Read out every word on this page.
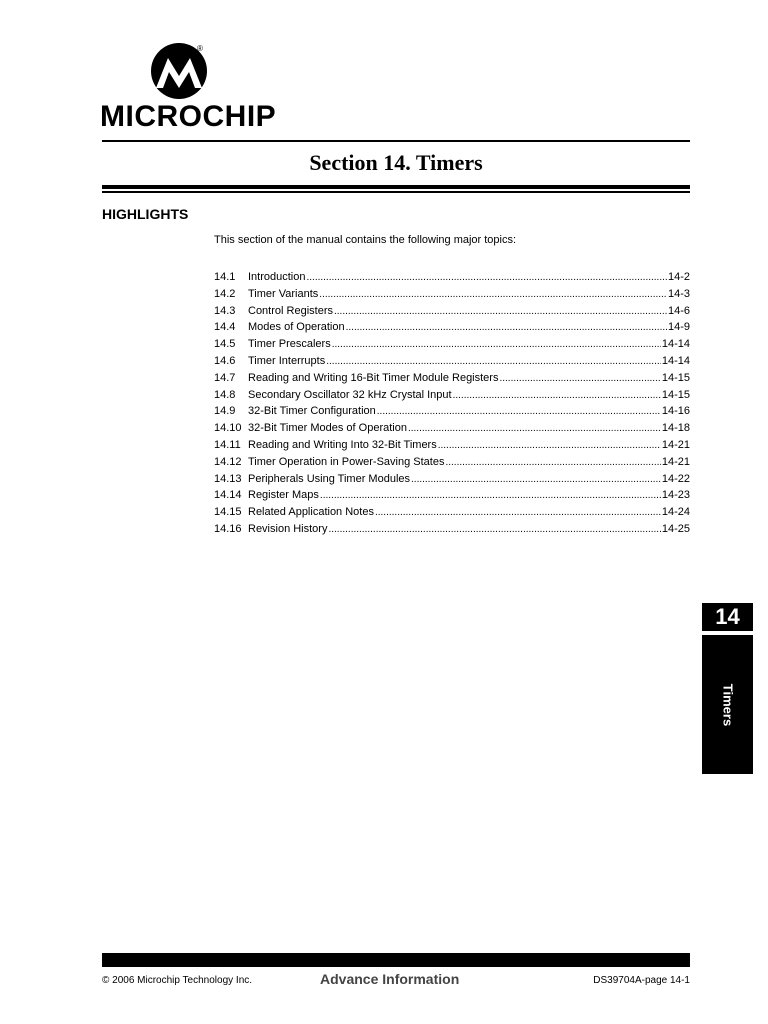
®
MICROCHIP
Section 14. Timers
HIGHLIGHTS
This section of the manual contains the following major topics:
14.1	Introduction .....	14-2
14.2	Timer Variants .....	14-3
14.3	Control Registers .....	14-6
14.4	Modes of Operation .....	14-9
14.5	Timer Prescalers .....	14-14
14.6	Timer Interrupts .....	14-14
14.7	Reading and Writing 16-Bit Timer Module Registers .....	14-15
14.8	Secondary Oscillator 32 kHz Crystal Input .....	14-15
14.9	32-Bit Timer Configuration .....	14-16
14.10 32-Bit Timer Modes of Operation .....	14-18
14.11 Reading and Writing Into 32-Bit Timers .....	14-21
14.12 Timer Operation in Power-Saving States .....	14-21
14.13 Peripherals Using Timer Modules .....	14-22
14.14 Register Maps .....	14-23
14.15 Related Application Notes .....	14-24
14.16 Revision History .....	14-25
14
Timers
© 2006 Microchip Technology Inc.	Advance Information	DS39704A-page 14-1
